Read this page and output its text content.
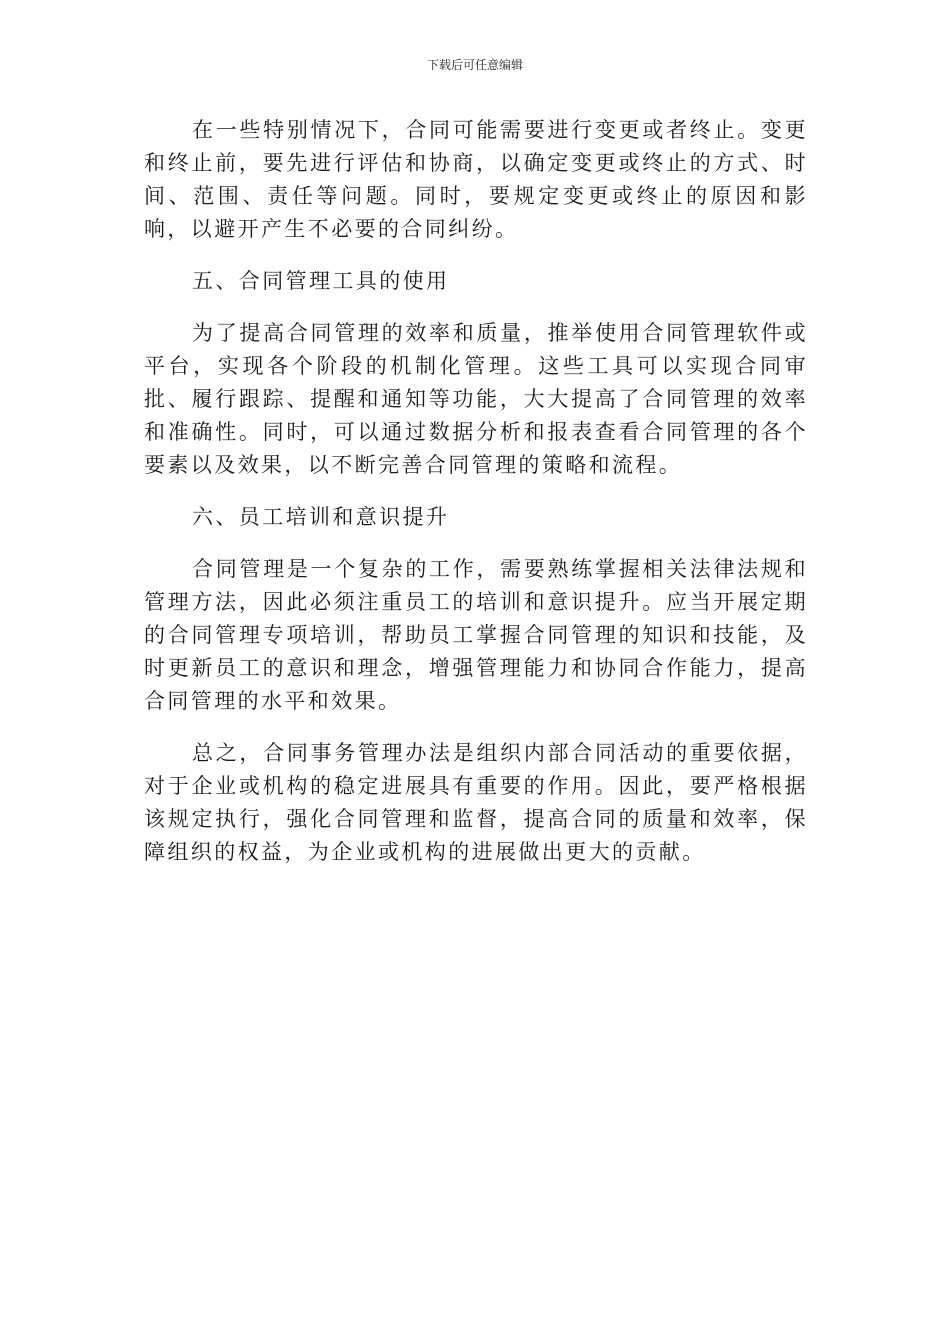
下载后可任意编辑

在一些特别情况下，合同可能需要进行变更或者终止。变更和终止前，要先进行评估和协商，以确定变更或终止的方式、时间、范围、责任等问题。同时，要规定变更或终止的原因和影响，以避开产生不必要的合同纠纷。

五、合同管理工具的使用

为了提高合同管理的效率和质量，推举使用合同管理软件或平台，实现各个阶段的机制化管理。这些工具可以实现合同审批、履行跟踪、提醒和通知等功能，大大提高了合同管理的效率和准确性。同时，可以通过数据分析和报表查看合同管理的各个要素以及效果，以不断完善合同管理的策略和流程。

六、员工培训和意识提升

合同管理是一个复杂的工作，需要熟练掌握相关法律法规和管理方法，因此必须注重员工的培训和意识提升。应当开展定期的合同管理专项培训，帮助员工掌握合同管理的知识和技能，及时更新员工的意识和理念，增强管理能力和协同合作能力，提高合同管理的水平和效果。

总之，合同事务管理办法是组织内部合同活动的重要依据，对于企业或机构的稳定进展具有重要的作用。因此，要严格根据该规定执行，强化合同管理和监督，提高合同的质量和效率，保障组织的权益，为企业或机构的进展做出更大的贡献。
